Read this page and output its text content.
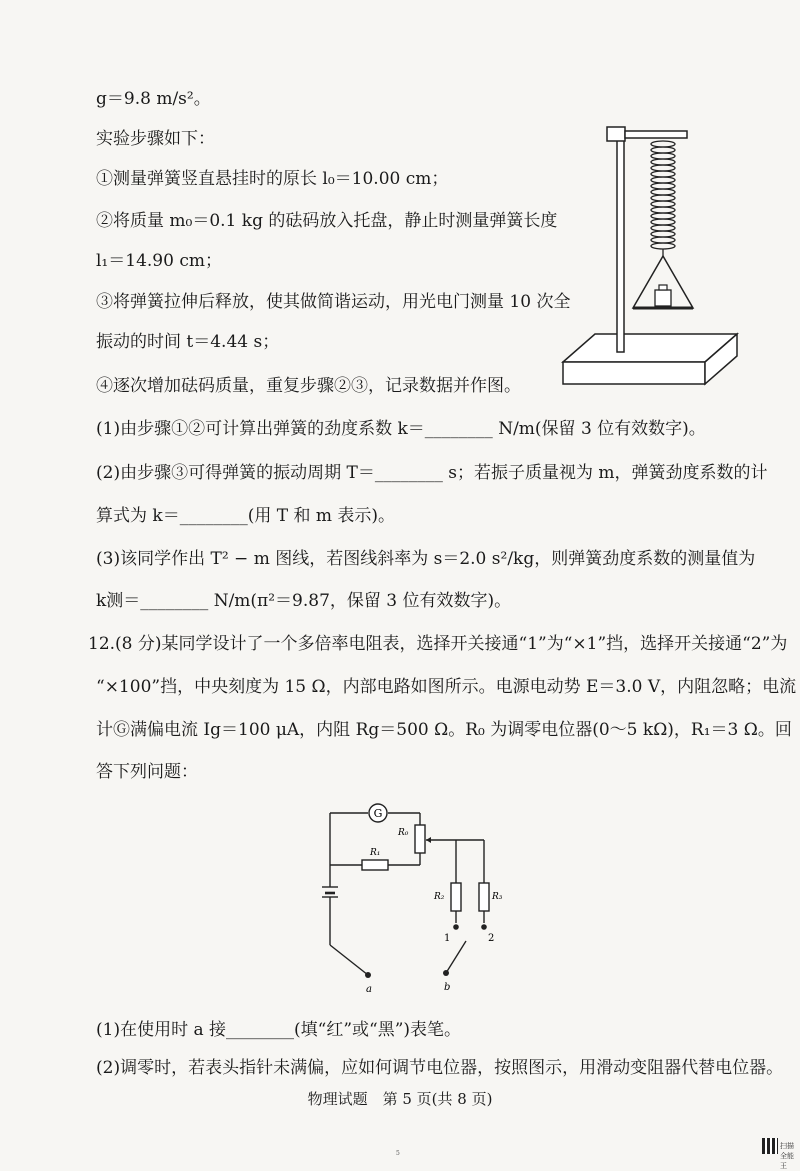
g＝9.8 m/s²。
实验步骤如下：
①测量弹簧竖直悬挂时的原长 l₀＝10.00 cm；
②将质量 m₀＝0.1 kg 的砝码放入托盘，静止时测量弹簧长度
l₁＝14.90 cm；
③将弹簧拉伸后释放，使其做简谐运动，用光电门测量 10 次全
振动的时间 t＝4.44 s；
④逐次增加砝码质量，重复步骤②③，记录数据并作图。
(1)由步骤①②可计算出弹簧的劲度系数 k＝________ N/m(保留 3 位有效数字)。
(2)由步骤③可得弹簧的振动周期 T＝________ s；若振子质量视为 m，弹簧劲度系数的计
算式为 k＝________(用 T 和 m 表示)。
(3)该同学作出 T² − m 图线，若图线斜率为 s＝2.0 s²/kg，则弹簧劲度系数的测量值为
k测＝________ N/m(π²＝9.87，保留 3 位有效数字)。
12.(8 分)某同学设计了一个多倍率电阻表，选择开关接通“1”为“×1”挡，选择开关接通“2”为
“×100”挡，中央刻度为 15 Ω，内部电路如图所示。电源电动势 E＝3.0 V，内阻忽略；电流
计Ⓖ满偏电流 Ig＝100 μA，内阻 Rg＝500 Ω。R₀ 为调零电位器(0～5 kΩ)，R₁＝3 Ω。回
答下列问题：
(1)在使用时 a 接________(填“红”或“黑”)表笔。
(2)调零时，若表头指针未满偏，应如何调节电位器，按照图示，用滑动变阻器代替电位器。
G
R₀
R₁
R₂	R₃
1	2
a	b
物理试题　第 5 页(共 8 页)
扫描全能王
5
